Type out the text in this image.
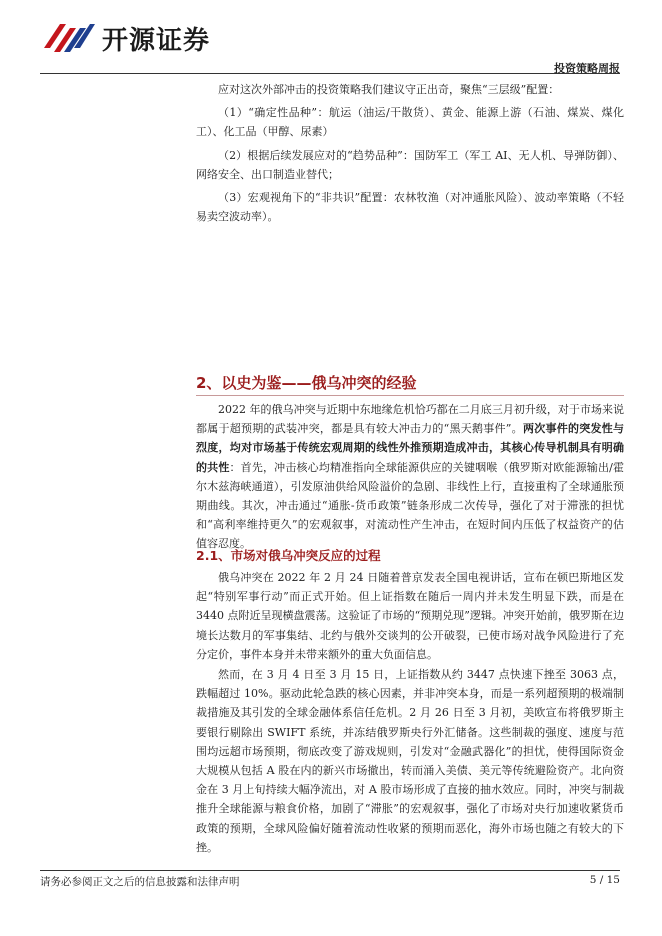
开源证券
投资策略周报

应对这次外部冲击的投资策略我们建议守正出奇，聚焦“三层级”配置：

（1）“确定性品种”：航运（油运/干散货）、黄金、能源上游（石油、煤炭、煤化工）、化工品（甲醇、尿素）

（2）根据后续发展应对的“趋势品种”：国防军工（军工 AI、无人机、导弹防御）、网络安全、出口制造业替代；

（3）宏观视角下的“非共识”配置：农林牧渔（对冲通胀风险）、波动率策略（不轻易卖空波动率）。

2、以史为鉴——俄乌冲突的经验

2022 年的俄乌冲突与近期中东地缘危机恰巧都在二月底三月初升级，对于市场来说都属于超预期的武装冲突，都是具有较大冲击力的“黑天鹅事件”。两次事件的突发性与烈度，均对市场基于传统宏观周期的线性外推预期造成冲击，其核心传导机制具有明确的共性：首先，冲击核心均精准指向全球能源供应的关键咽喉（俄罗斯对欧能源输出/霍尔木兹海峡通道），引发原油供给风险溢价的急剧、非线性上行，直接重构了全球通胀预期曲线。其次，冲击通过“通胀-货币政策”链条形成二次传导，强化了对于滞涨的担忧和“高利率维持更久”的宏观叙事，对流动性产生冲击，在短时间内压低了权益资产的估值容忍度。

2.1、市场对俄乌冲突反应的过程

俄乌冲突在 2022 年 2 月 24 日随着普京发表全国电视讲话，宣布在顿巴斯地区发起“特别军事行动”而正式开始。但上证指数在随后一周内并未发生明显下跌，而是在 3440 点附近呈现横盘震荡。这验证了市场的“预期兑现”逻辑。冲突开始前，俄罗斯在边境长达数月的军事集结、北约与俄外交谈判的公开破裂，已使市场对战争风险进行了充分定价，事件本身并未带来额外的重大负面信息。

然而，在 3 月 4 日至 3 月 15 日，上证指数从约 3447 点快速下挫至 3063 点，跌幅超过 10%。驱动此轮急跌的核心因素，并非冲突本身，而是一系列超预期的极端制裁措施及其引发的全球金融体系信任危机。2 月 26 日至 3 月初，美欧宣布将俄罗斯主要银行剔除出 SWIFT 系统，并冻结俄罗斯央行外汇储备。这些制裁的强度、速度与范围均远超市场预期，彻底改变了游戏规则，引发对“金融武器化”的担忧，使得国际资金大规模从包括 A 股在内的新兴市场撤出，转而涌入美债、美元等传统避险资产。北向资金在 3 月上旬持续大幅净流出，对 A 股市场形成了直接的抽水效应。同时，冲突与制裁推升全球能源与粮食价格，加剧了“滞胀”的宏观叙事，强化了市场对央行加速收紧货币政策的预期，全球风险偏好随着流动性收紧的预期而恶化，海外市场也随之有较大的下挫。

请务必参阅正文之后的信息披露和法律声明	5 / 15
